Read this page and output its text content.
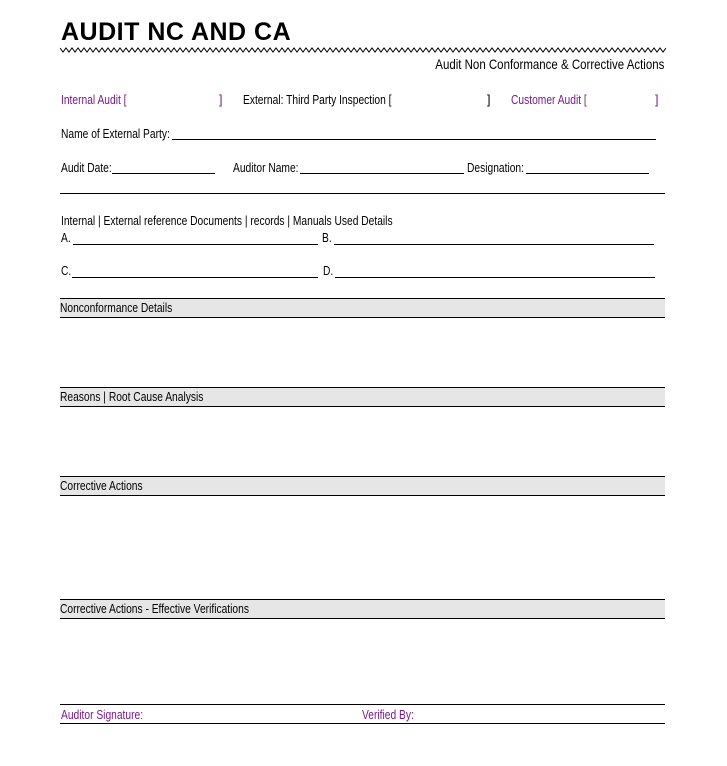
AUDIT NC AND CA
Audit Non Conformance & Corrective Actions
Internal Audit [	] External: Third Party Inspection [	] Customer Audit [	]
Name of External Party:
Audit Date:	Auditor Name:	Designation:
Internal | External reference Documents | records | Manuals Used Details
A.	B.
C.	D.
Nonconformance Details
Reasons | Root Cause Analysis
Corrective Actions
Corrective Actions - Effective Verifications
Auditor Signature:	Verified By:
